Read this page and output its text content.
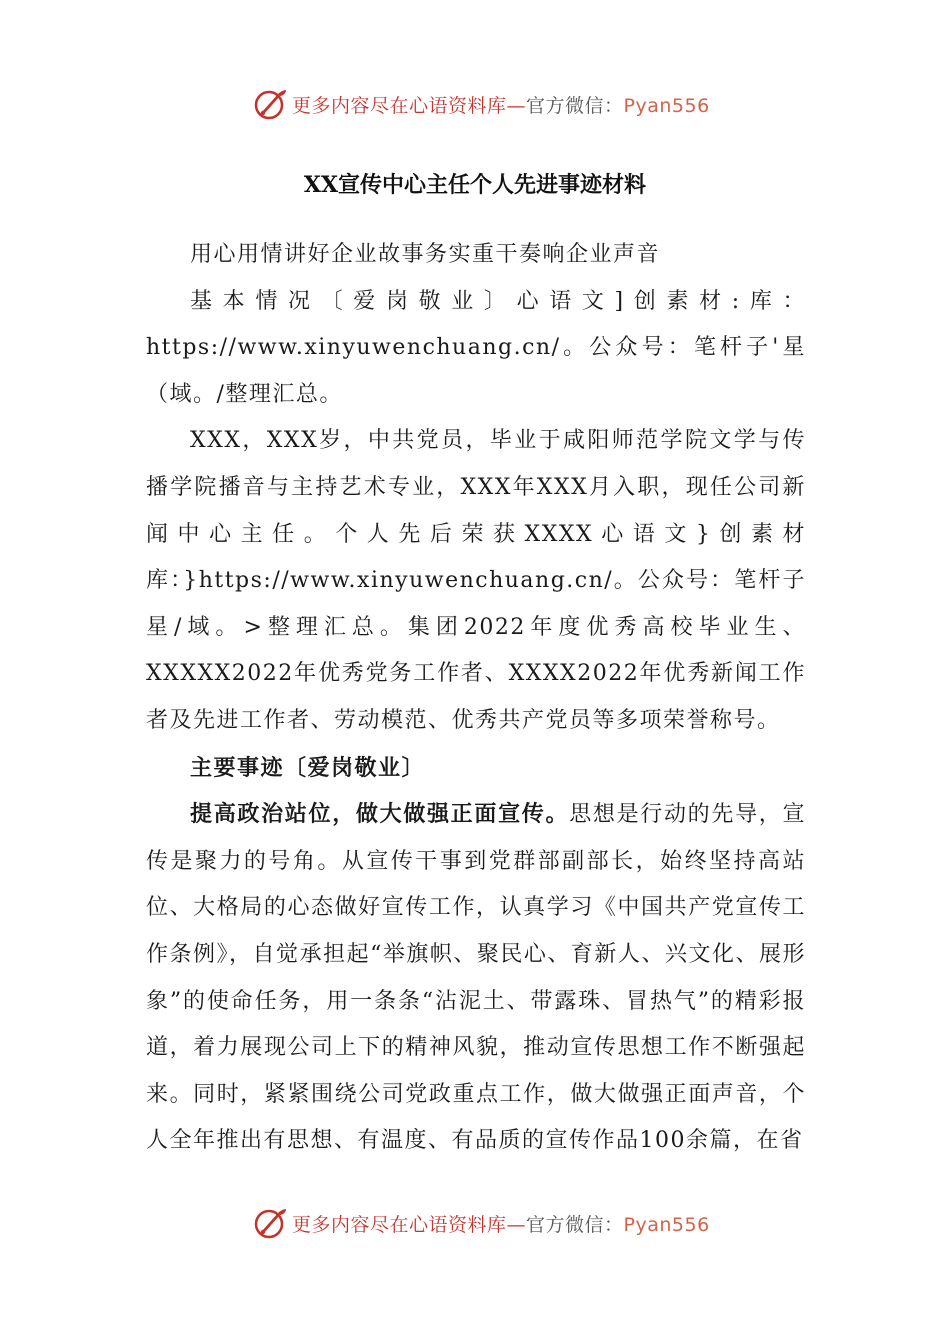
更多内容尽在心语资料库—官方微信：Pyan556
XX宣传中心主任个人先进事迹材料

用心用情讲好企业故事务实重干奏响企业声音

基本情况〔爱岗敬业〕心语文]创素材:库：https://www.xinyuwenchuang.cn/。公众号：笔杆子'星（域。/整理汇总。

XXX，XXX岁，中共党员，毕业于咸阳师范学院文学与传播学院播音与主持艺术专业，XXX年XXX月入职，现任公司新闻中心主任。个人先后荣获XXXX心语文}创素材库：}https://www.xinyuwenchuang.cn/。公众号：笔杆子星/域。>整理汇总。集团2022年度优秀高校毕业生、XXXXX2022年优秀党务工作者、XXXX2022年优秀新闻工作者及先进工作者、劳动模范、优秀共产党员等多项荣誉称号。

主要事迹〔爱岗敬业〕

提高政治站位，做大做强正面宣传。思想是行动的先导，宣传是聚力的号角。从宣传干事到党群部副部长，始终坚持高站位、大格局的心态做好宣传工作，认真学习《中国共产党宣传工作条例》，自觉承担起“举旗帜、聚民心、育新人、兴文化、展形象”的使命任务，用一条条“沾泥土、带露珠、冒热气”的精彩报道，着力展现公司上下的精神风貌，推动宣传思想工作不断强起来。同时，紧紧围绕公司党政重点工作，做大做强正面声音，个人全年推出有思想、有温度、有品质的宣传作品100余篇，在省

更多内容尽在心语资料库—官方微信：Pyan556
